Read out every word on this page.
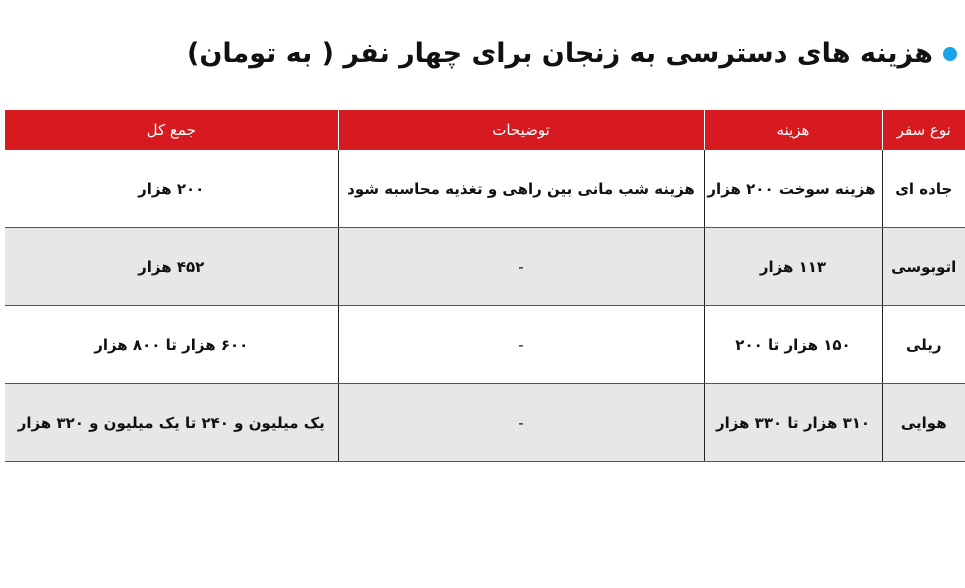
هزینه های دسترسی به زنجان برای چهار نفر ( به تومان)
نوع سفر	هزینه	توضیحات	جمع کل
جاده ای	هزینه سوخت ۲۰۰ هزار	هزینه شب مانی بین راهی و تغذیه محاسبه شود	۲۰۰ هزار
اتوبوسی	۱۱۳ هزار	-	۴۵۲ هزار
ریلی	۱۵۰ هزار تا ۲۰۰	-	۶۰۰ هزار تا ۸۰۰ هزار
هوایی	۳۱۰ هزار تا ۳۳۰ هزار	-	یک میلیون و ۲۴۰ تا یک میلیون و ۳۲۰ هزار
